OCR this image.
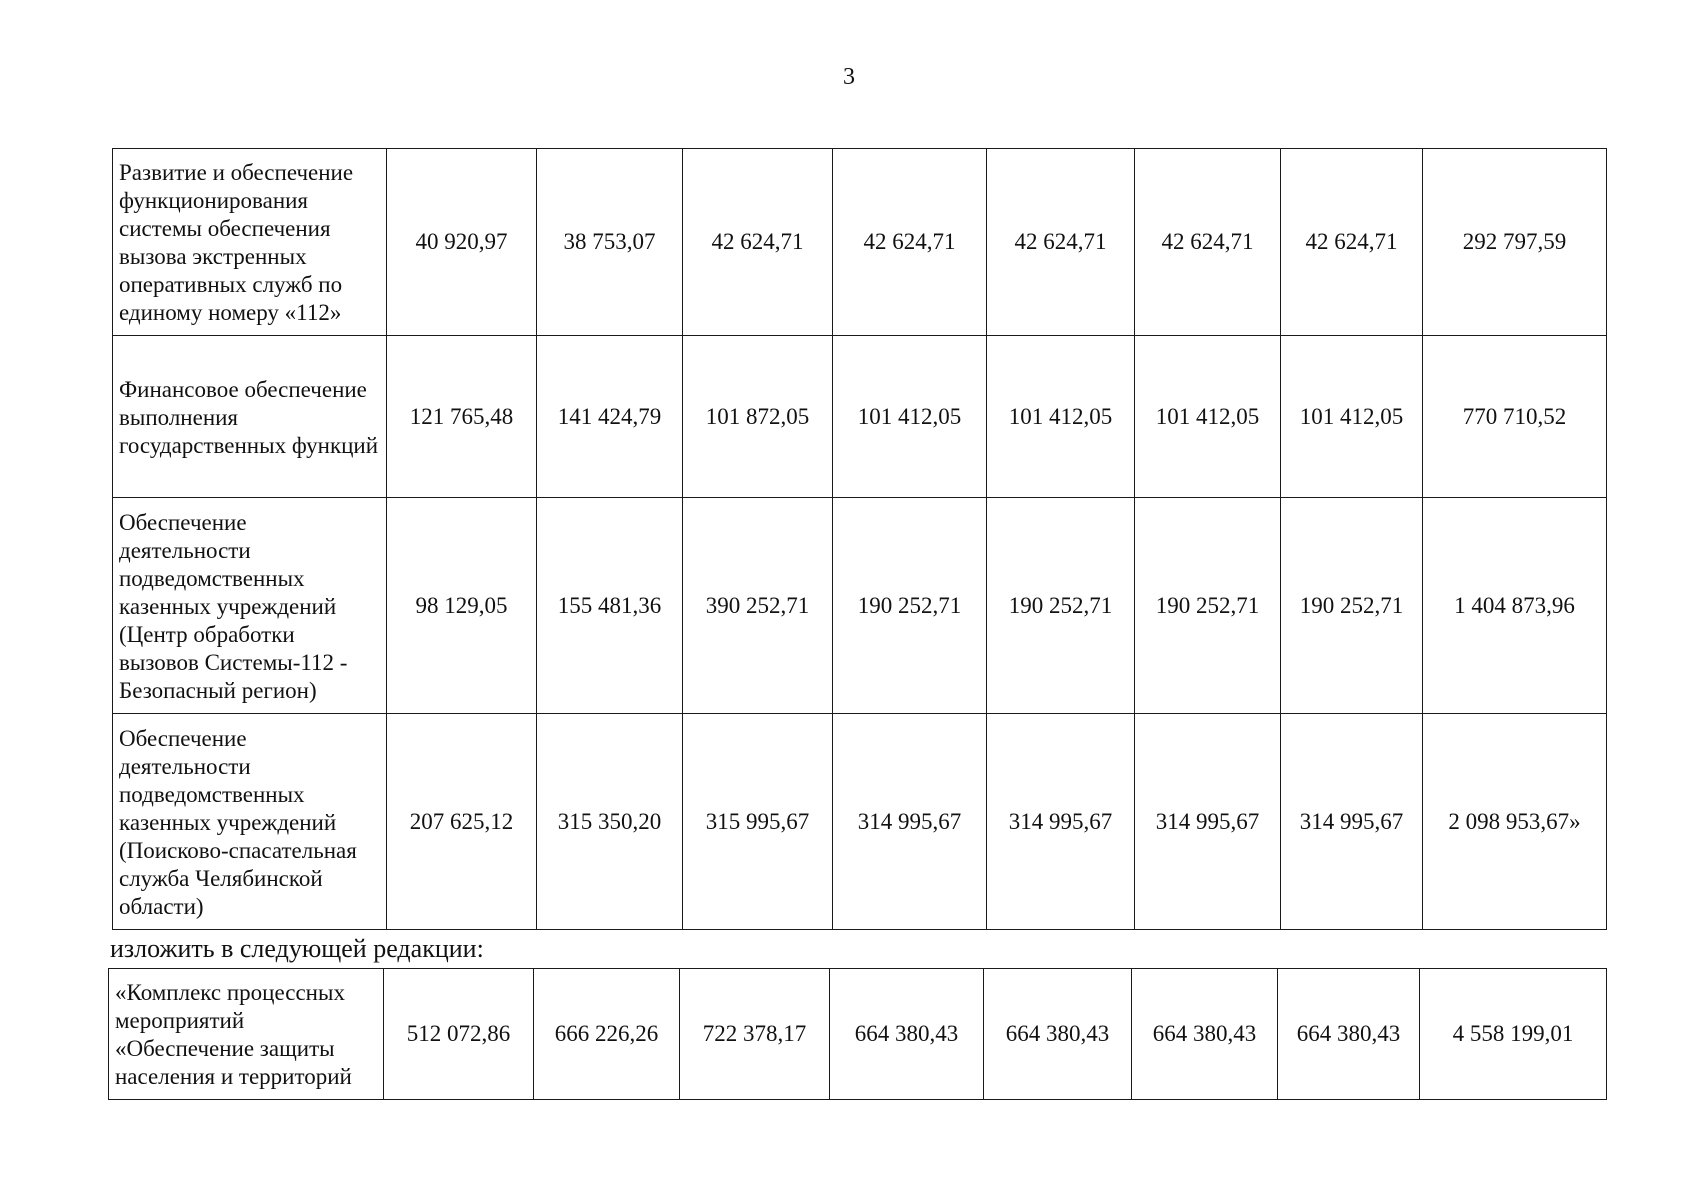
3
Развитие и обеспечение функционирования системы обеспечения вызова экстренных оперативных служб по единому номеру «112»	40 920,97	38 753,07	42 624,71	42 624,71	42 624,71	42 624,71	42 624,71	292 797,59
Финансовое обеспечение выполнения государственных функций	121 765,48	141 424,79	101 872,05	101 412,05	101 412,05	101 412,05	101 412,05	770 710,52
Обеспечение деятельности подведомственных казенных учреждений (Центр обработки вызовов Системы-112 - Безопасный регион)	98 129,05	155 481,36	390 252,71	190 252,71	190 252,71	190 252,71	190 252,71	1 404 873,96
Обеспечение деятельности подведомственных казенных учреждений (Поисково-спасательная служба Челябинской области)	207 625,12	315 350,20	315 995,67	314 995,67	314 995,67	314 995,67	314 995,67	2 098 953,67»
изложить в следующей редакции:
«Комплекс процессных мероприятий «Обеспечение защиты населения и территорий	512 072,86	666 226,26	722 378,17	664 380,43	664 380,43	664 380,43	664 380,43	4 558 199,01
